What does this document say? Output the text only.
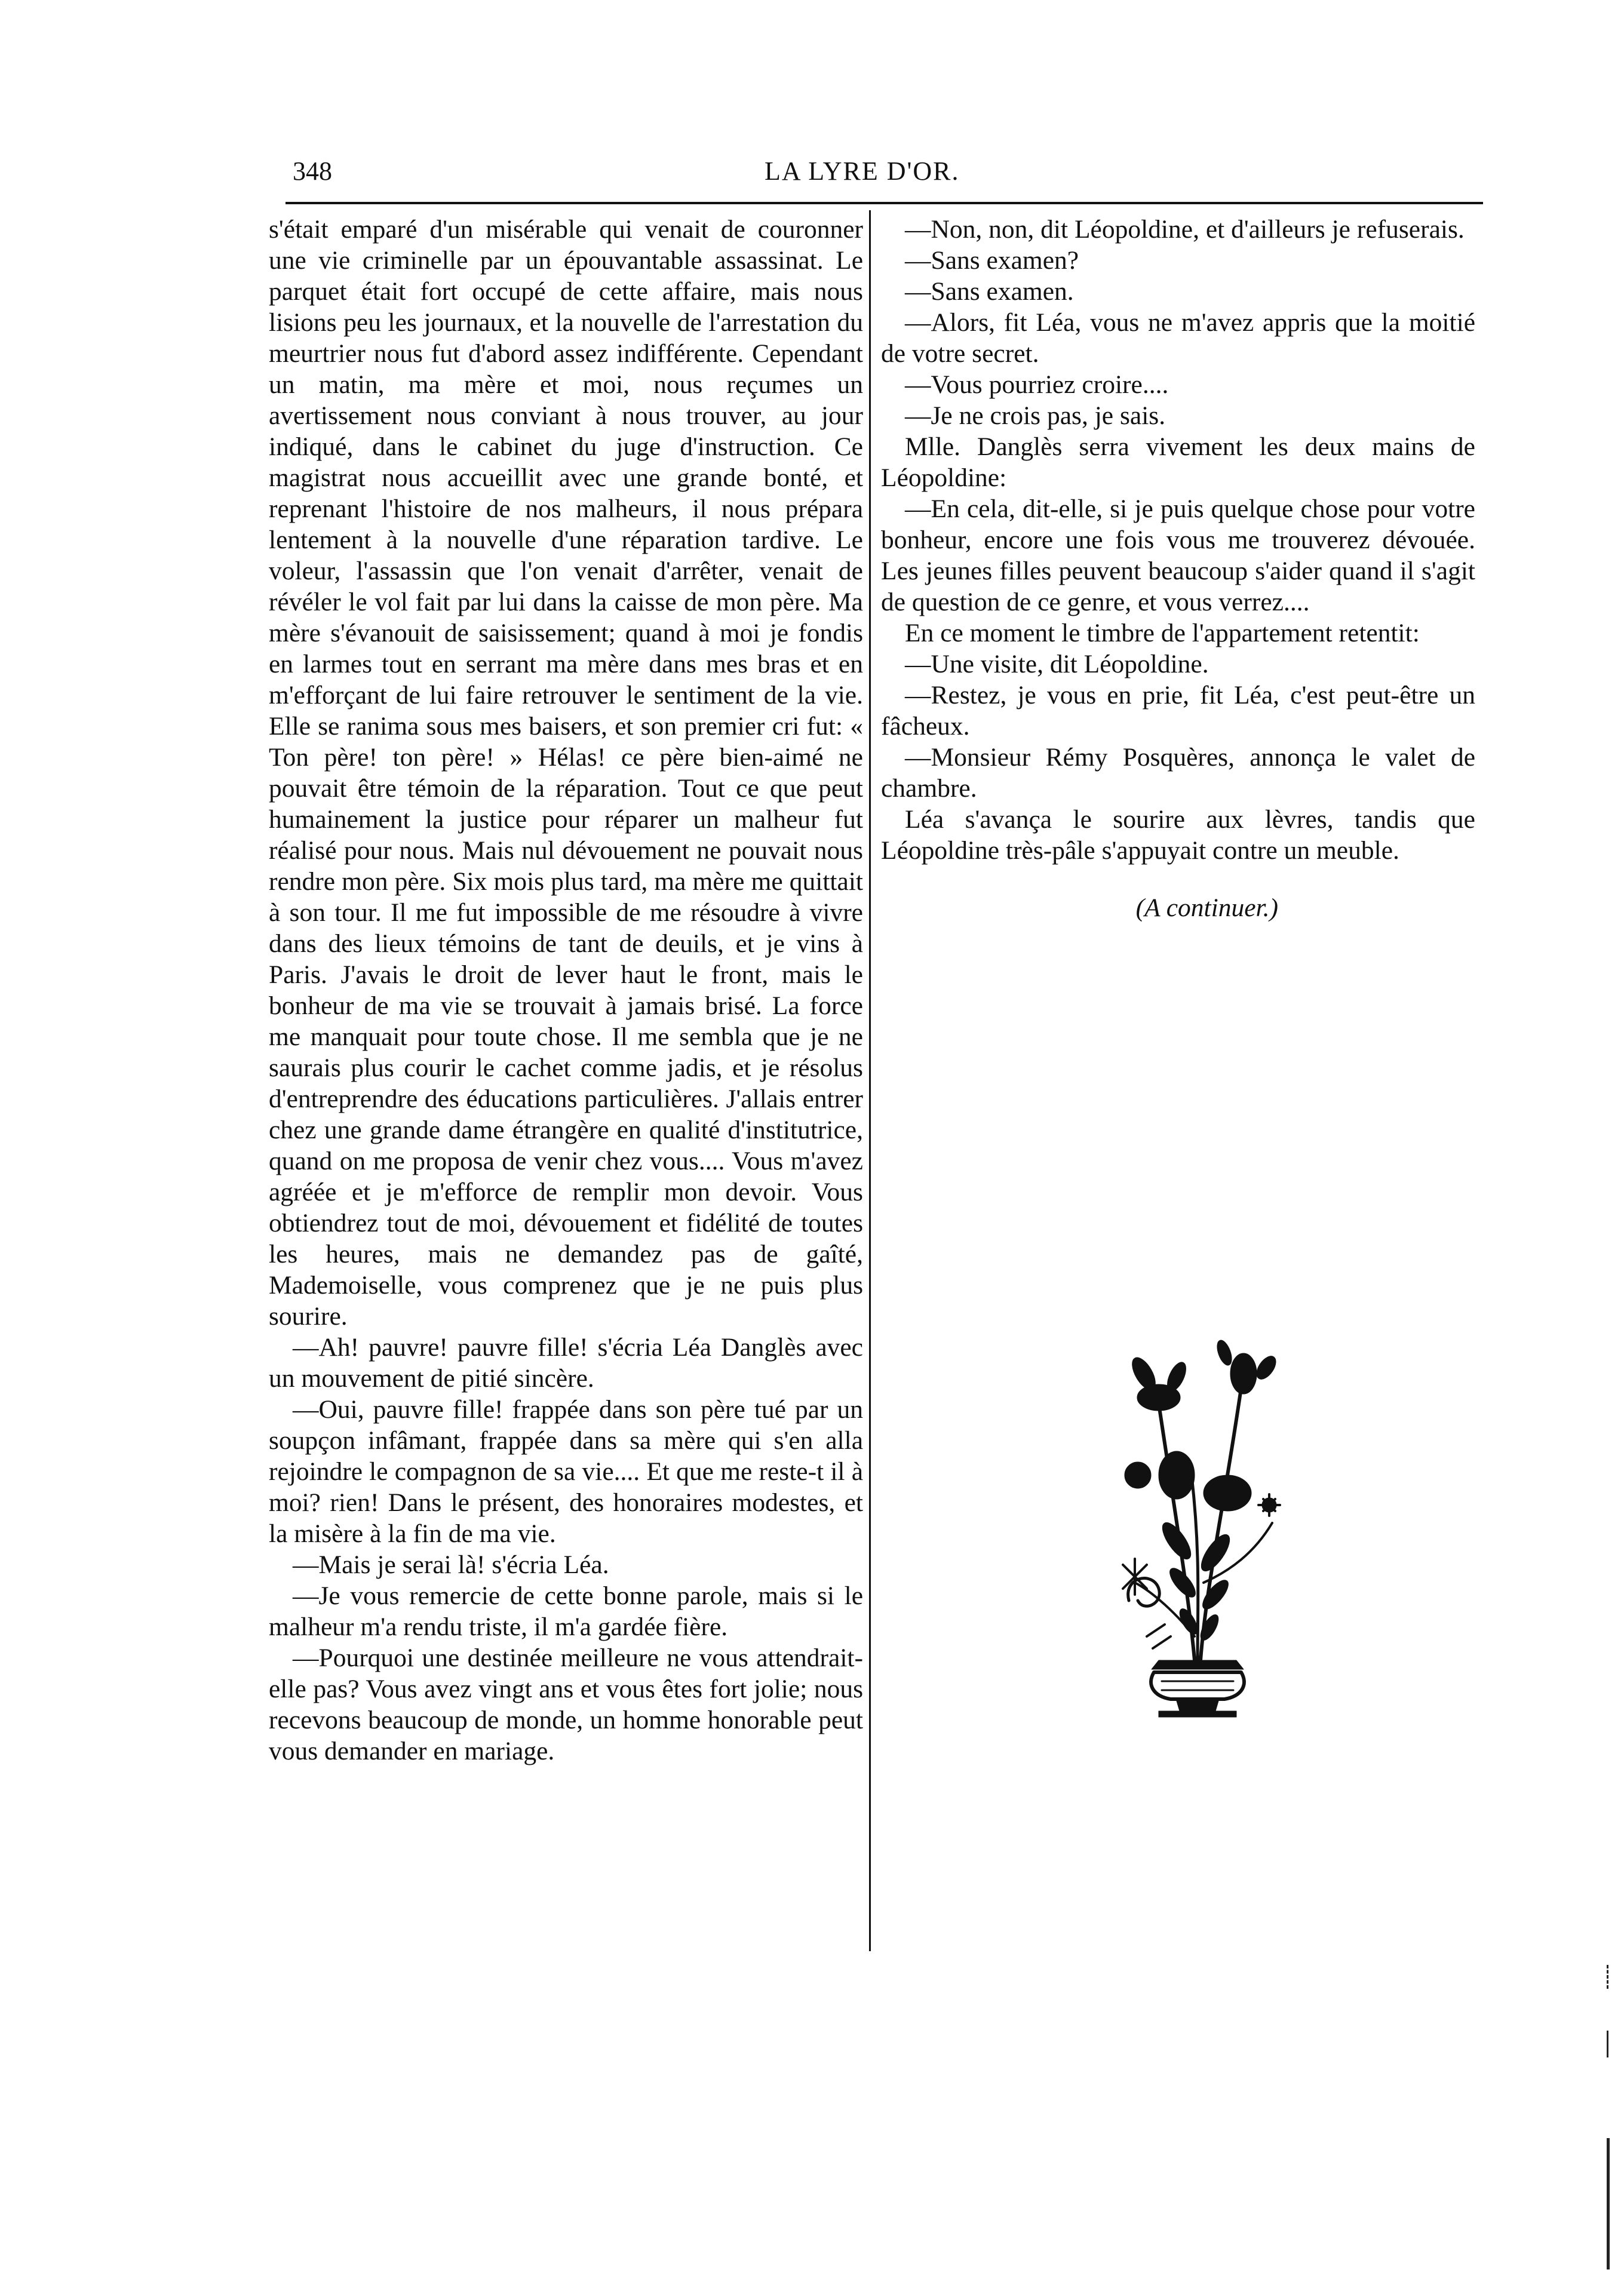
348	LA LYRE D'OR.

s'était emparé d'un misérable qui venait de couronner une vie criminelle par un épouvantable assassinat. Le parquet était fort occupé de cette affaire, mais nous lisions peu les journaux, et la nouvelle de l'arrestation du meurtrier nous fut d'abord assez indifférente. Cependant un matin, ma mère et moi, nous reçumes un avertissement nous conviant à nous trouver, au jour indiqué, dans le cabinet du juge d'instruction. Ce magistrat nous accueillit avec une grande bonté, et reprenant l'histoire de nos malheurs, il nous prépara lentement à la nouvelle d'une réparation tardive. Le voleur, l'assassin que l'on venait d'arrêter, venait de révéler le vol fait par lui dans la caisse de mon père. Ma mère s'évanouit de saisissement; quand à moi je fondis en larmes tout en serrant ma mère dans mes bras et en m'efforçant de lui faire retrouver le sentiment de la vie. Elle se ranima sous mes baisers, et son premier cri fut: « Ton père! ton père! » Hélas! ce père bien-aimé ne pouvait être témoin de la réparation. Tout ce que peut humainement la justice pour réparer un malheur fut réalisé pour nous. Mais nul dévouement ne pouvait nous rendre mon père. Six mois plus tard, ma mère me quittait à son tour. Il me fut impossible de me résoudre à vivre dans des lieux témoins de tant de deuils, et je vins à Paris. J'avais le droit de lever haut le front, mais le bonheur de ma vie se trouvait à jamais brisé. La force me manquait pour toute chose. Il me sembla que je ne saurais plus courir le cachet comme jadis, et je résolus d'entreprendre des éducations particulières. J'allais entrer chez une grande dame étrangère en qualité d'institutrice, quand on me proposa de venir chez vous.... Vous m'avez agréée et je m'efforce de remplir mon devoir. Vous obtiendrez tout de moi, dévouement et fidélité de toutes les heures, mais ne demandez pas de gaîté, Mademoiselle, vous comprenez que je ne puis plus sourire.

—Ah! pauvre! pauvre fille! s'écria Léa Danglès avec un mouvement de pitié sincère.

—Oui, pauvre fille! frappée dans son père tué par un soupçon infâmant, frappée dans sa mère qui s'en alla rejoindre le compagnon de sa vie.... Et que me reste-t il à moi? rien! Dans le présent, des honoraires modestes, et la misère à la fin de ma vie.

—Mais je serai là! s'écria Léa.

—Je vous remercie de cette bonne parole, mais si le malheur m'a rendu triste, il m'a gardée fière.

—Pourquoi une destinée meilleure ne vous attendrait-elle pas? Vous avez vingt ans et vous êtes fort jolie; nous recevons beaucoup de monde, un homme honorable peut vous demander en mariage.

—Non, non, dit Léopoldine, et d'ailleurs je refuserais.

—Sans examen?

—Sans examen.

—Alors, fit Léa, vous ne m'avez appris que la moitié de votre secret.

—Vous pourriez croire....

—Je ne crois pas, je sais.

Mlle. Danglès serra vivement les deux mains de Léopoldine:

—En cela, dit-elle, si je puis quelque chose pour votre bonheur, encore une fois vous me trouverez dévouée. Les jeunes filles peuvent beaucoup s'aider quand il s'agit de question de ce genre, et vous verrez....

En ce moment le timbre de l'appartement retentit:

—Une visite, dit Léopoldine.

—Restez, je vous en prie, fit Léa, c'est peut-être un fâcheux.

—Monsieur Rémy Posquères, annonça le valet de chambre.

Léa s'avança le sourire aux lèvres, tandis que Léopoldine très-pâle s'appuyait contre un meuble.

(A continuer.)
